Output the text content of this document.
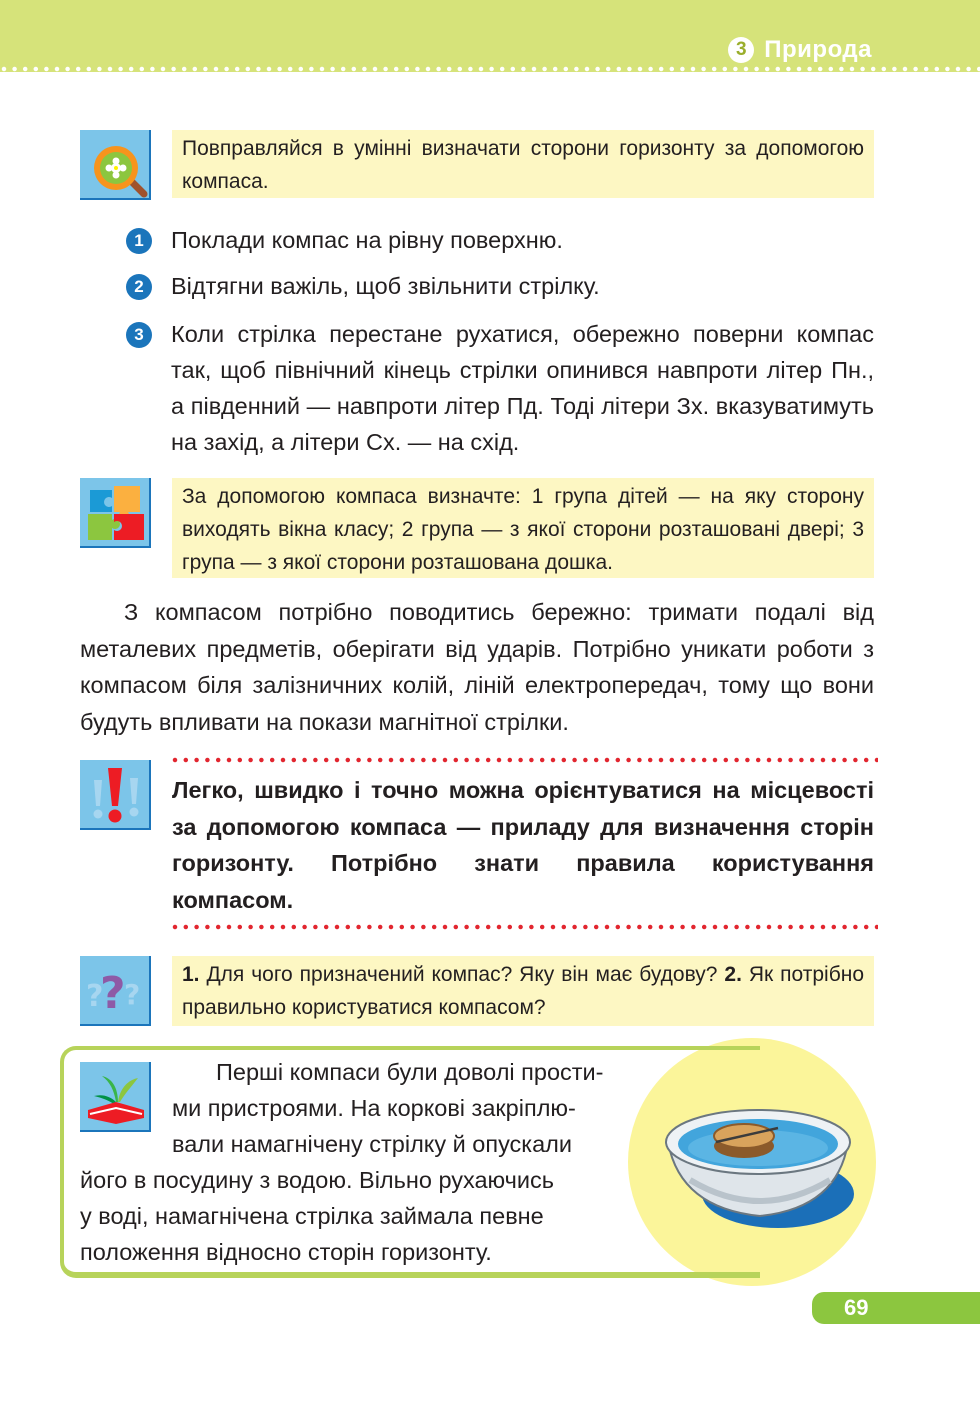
3 Природа
Повправляйся в умінні визначати сторони горизонту за допомогою компаса.
1	Поклади компас на рівну поверхню.
2	Відтягни важіль, щоб звільнити стрілку.
3	Коли стрілка перестане рухатися, обережно поверни компас так, щоб північний кінець стрілки опинився навпроти літер Пн., а південний — навпроти літер Пд. Тоді літери Зх. вказуватимуть на захід, а літери Сх. — на схід.
За допомогою компаса визначте: 1 група дітей — на яку сторону виходять вікна класу; 2 група — з якої сторони розташовані двері; 3 група — з якої сторони розташована дошка.

З компасом потрібно поводитись бережно: тримати подалі від металевих предметів, оберігати від ударів. Потрібно уникати роботи з компасом біля залізничних колій, ліній електропередач, тому що вони будуть впливати на покази магнітної стрілки.

Легко, швидко і точно можна орієнтуватися на місцевості за допомогою компаса — приладу для визначення сторін горизонту. Потрібно знати правила користування компасом.
? ?
?	1. Для чого призначений компас? Яку він має будову? 2. Як потрібно правильно користуватися компасом?
Перші компаси були доволі прости-
ми пристроями. На коркові закріплю-
вали намагнічену стрілку й опускали
його в посудину з водою. Вільно рухаючись
у воді, намагнічена стрілка займала певне
положення відносно сторін горизонту.
69
